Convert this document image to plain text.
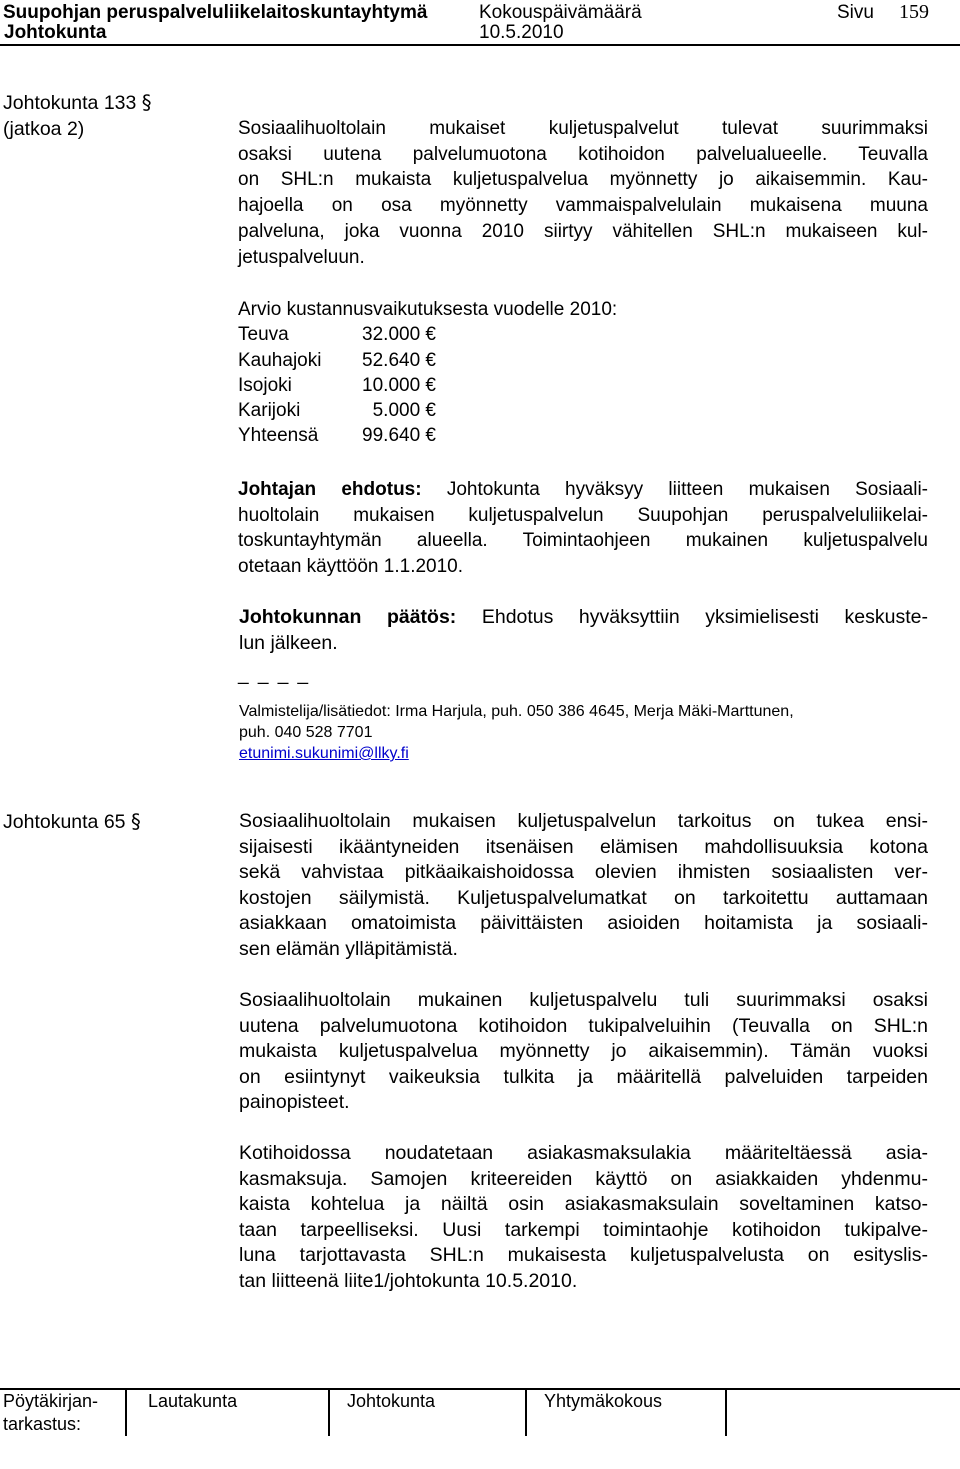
Suupohjan peruspalveluliikelaitoskuntayhtymä
Johtokunta
Kokouspäivämäärä
10.5.2010
Sivu 159
Johtokunta 133 §
(jatkoa 2)	Sosiaalihuoltolain mukaiset kuljetuspalvelut tulevat suurimmaksi
osaksi uutena palvelumuotona kotihoidon palvelualueelle. Teuvalla
on SHL:n mukaista kuljetuspalvelua myönnetty jo aikaisemmin. Kau-
hajoella on osa myönnetty vammaispalvelulain mukaisena muuna
palveluna, joka vuonna 2010 siirtyy vähitellen SHL:n mukaiseen kul-
jetuspalveluun.
Arvio kustannusvaikutuksesta vuodelle 2010:
Teuva	32.000 €
Kauhajoki	52.640 €
Isojoki	10.000 €
Karijoki	5.000 €
Yhteensä	99.640 €
Johtajan ehdotus: Johtokunta hyväksyy liitteen mukaisen Sosiaali-
huoltolain mukaisen kuljetuspalvelun Suupohjan peruspalveluliikelai-
toskuntayhtymän alueella. Toimintaohjeen mukainen kuljetuspalvelu
otetaan käyttöön 1.1.2010.
Johtokunnan päätös: Ehdotus hyväksyttiin yksimielisesti keskuste-
lun jälkeen.
_ _ _ _
Valmistelija/lisätiedot: Irma Harjula, puh. 050 386 4645, Merja Mäki-Marttunen,
puh. 040 528 7701
etunimi.sukunimi@llky.fi
Johtokunta 65 §	Sosiaalihuoltolain mukaisen kuljetuspalvelun tarkoitus on tukea ensi-
sijaisesti ikääntyneiden itsenäisen elämisen mahdollisuuksia kotona
sekä vahvistaa pitkäaikaishoidossa olevien ihmisten sosiaalisten ver-
kostojen säilymistä. Kuljetuspalvelumatkat on tarkoitettu auttamaan
asiakkaan omatoimista päivittäisten asioiden hoitamista ja sosiaali-
sen elämän ylläpitämistä.
Sosiaalihuoltolain mukainen kuljetuspalvelu tuli suurimmaksi osaksi
uutena palvelumuotona kotihoidon tukipalveluihin (Teuvalla on SHL:n
mukaista kuljetuspalvelua myönnetty jo aikaisemmin). Tämän vuoksi
on esiintynyt vaikeuksia tulkita ja määritellä palveluiden tarpeiden
painopisteet.
Kotihoidossa noudatetaan asiakasmaksulakia määriteltäessä asia-
kasmaksuja. Samojen kriteereiden käyttö on asiakkaiden yhdenmu-
kaista kohtelua ja näiltä osin asiakasmaksulain soveltaminen katso-
taan tarpeelliseksi. Uusi tarkempi toimintaohje kotihoidon tukipalve-
luna tarjottavasta SHL:n mukaisesta kuljetuspalvelusta on esityslis-
tan liitteenä liite1/johtokunta 10.5.2010.
Pöytäkirjan-
tarkastus:
Lautakunta	Johtokunta	Yhtymäkokous
